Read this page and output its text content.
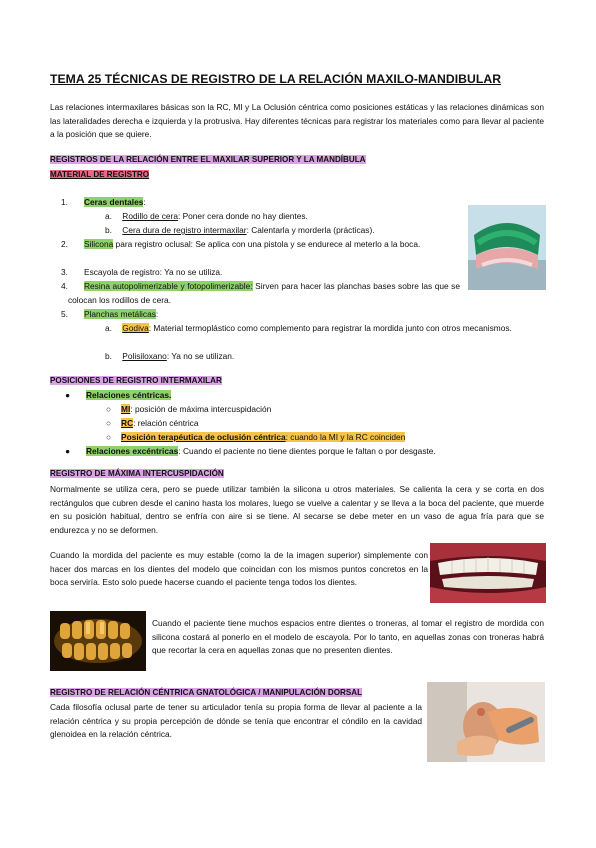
TEMA 25 TÉCNICAS DE REGISTRO DE LA RELACIÓN MAXILO-MANDIBULAR
Las relaciones intermaxilares básicas son la RC, MI y La Oclusión céntrica como posiciones estáticas y las relaciones dinámicas son las lateralidades derecha e izquierda y la protrusiva. Hay diferentes técnicas para registrar los materiales como para llevar al paciente a la posición que se quiere.
REGISTROS DE LA RELACIÓN ENTRE EL MAXILAR SUPERIOR Y LA MANDÍBULA
MATERIAL DE REGISTRO
1. Ceras dentales:
a. Rodillo de cera: Poner cera donde no hay dientes.
b. Cera dura de registro intermaxilar: Calentarla y morderla (prácticas).
2. Silicona para registro oclusal: Se aplica con una pistola y se endurece al meterlo a la boca.
3. Escayola de registro: Ya no se utiliza.
4. Resina autopolimerizable y fotopolimerizable: Sirven para hacer las planchas bases sobre las que se colocan los rodillos de cera.
5. Planchas metálicas:
a. Godiva: Material termoplástico como complemento para registrar la mordida junto con otros mecanismos.
b. Polisiloxano: Ya no se utilizan.
POSICIONES DE REGISTRO INTERMAXILAR
● Relaciones céntricas.
○ MI: posición de máxima intercuspidación
○ RC: relación céntrica
○ Posición terapéutica de oclusión céntrica: cuando la MI y la RC coinciden
● Relaciones excéntricas: Cuando el paciente no tiene dientes porque le faltan o por desgaste.
REGISTRO DE MÁXIMA INTERCUSPIDACIÓN
Normalmente se utiliza cera, pero se puede utilizar también la silicona u otros materiales. Se calienta la cera y se corta en dos rectángulos que cubren desde el canino hasta los molares, luego se vuelve a calentar y se lleva a la boca del paciente, que muerde en su posición habitual, dentro se enfría con aire si se tiene. Al secarse se debe meter en un vaso de agua fría para que se endurezca y no se deformen.
Cuando la mordida del paciente es muy estable (como la de la imagen superior) simplemente con hacer dos marcas en los dientes del modelo que coincidan con los mismos puntos concretos en la boca serviría. Esto solo puede hacerse cuando el paciente tenga todos los dientes.
Cuando el paciente tiene muchos espacios entre dientes o troneras, al tomar el registro de mordida con silicona costará al ponerlo en el modelo de escayola. Por lo tanto, en aquellas zonas con troneras habrá que recortar la cera en aquellas zonas que no presenten dientes.
REGISTRO DE RELACIÓN CÉNTRICA GNATOLÓGICA / MANIPULACIÓN DORSAL
Cada filosofía oclusal parte de tener su articulador tenía su propia forma de llevar al paciente a la relación céntrica y su propia percepción de dónde se tenía que encontrar el cóndilo en la cavidad glenoidea en la relación céntrica.
